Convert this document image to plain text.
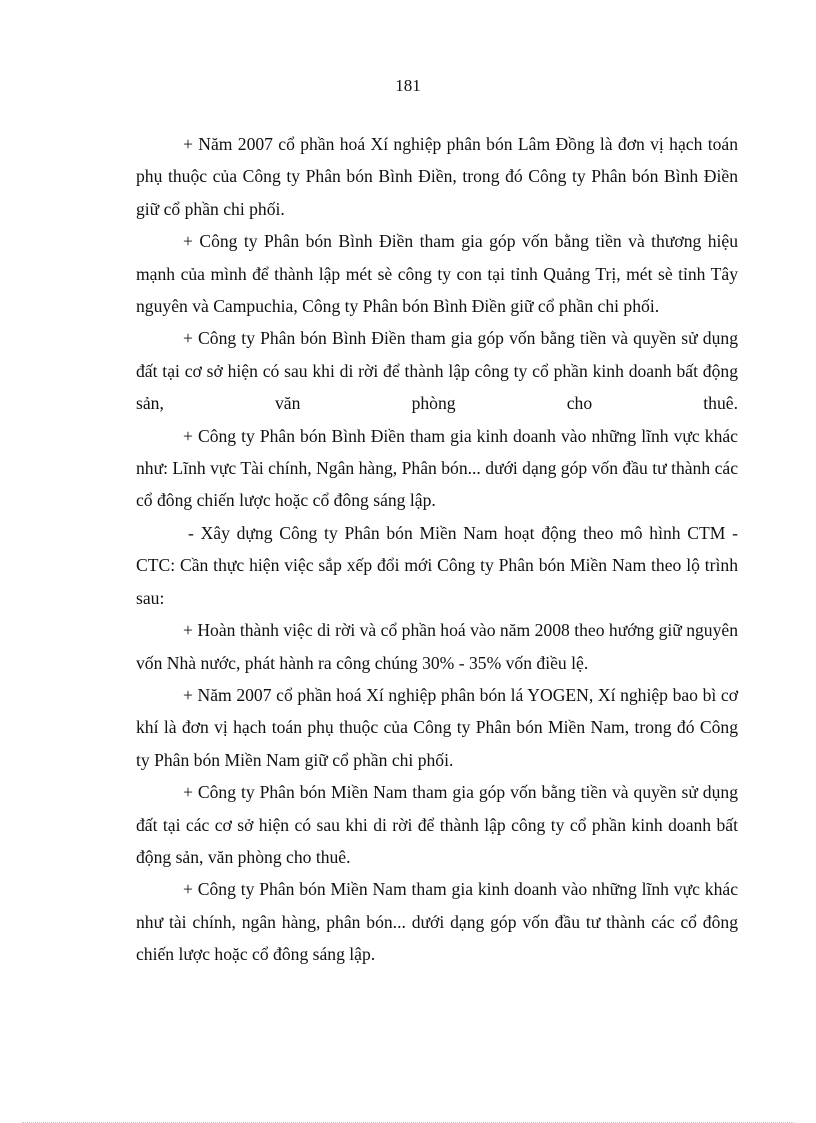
181

+ Năm 2007 cổ phần hoá Xí nghiệp phân bón Lâm Đồng là đơn vị hạch toán phụ thuộc của Công ty Phân bón Bình Điền, trong đó Công ty Phân bón Bình Điền giữ cổ phần chi phối.

+ Công ty Phân bón Bình Điền tham gia góp vốn bằng tiền và thương hiệu mạnh của mình để thành lập mét sè công ty con tại tỉnh Quảng Trị, mét sè tỉnh Tây nguyên và Campuchia, Công ty Phân bón Bình Điền giữ cổ phần chi phối.

+ Công ty Phân bón Bình Điền tham gia góp vốn bằng tiền và quyền sử dụng đất tại cơ sở hiện có sau khi di rời để thành lập công ty cổ phần kinh doanh bất động sản, văn phòng cho thuê.

+ Công ty Phân bón Bình Điền tham gia kinh doanh vào những lĩnh vực khác như: Lĩnh vực Tài chính, Ngân hàng, Phân bón... dưới dạng góp vốn đầu tư thành các cổ đông chiến lược hoặc cổ đông sáng lập.

- Xây dựng Công ty Phân bón Miền Nam hoạt động theo mô hình CTM - CTC: Cần thực hiện việc sắp xếp đổi mới Công ty Phân bón Miền Nam theo lộ trình sau:

+ Hoàn thành việc di rời và cổ phần hoá vào năm 2008 theo hướng giữ nguyên vốn Nhà nước, phát hành ra công chúng 30% - 35% vốn điều lệ.

+ Năm 2007 cổ phần hoá Xí nghiệp phân bón lá YOGEN, Xí nghiệp bao bì cơ khí là đơn vị hạch toán phụ thuộc của Công ty Phân bón Miền Nam, trong đó Công ty Phân bón Miền Nam giữ cổ phần chi phối.

+ Công ty Phân bón Miền Nam tham gia góp vốn bằng tiền và quyền sử dụng đất tại các cơ sở hiện có sau khi di rời để thành lập công ty cổ phần kinh doanh bất động sản, văn phòng cho thuê.

+ Công ty Phân bón Miền Nam tham gia kinh doanh vào những lĩnh vực khác như tài chính, ngân hàng, phân bón... dưới dạng góp vốn đầu tư thành các cổ đông chiến lược hoặc cổ đông sáng lập.
